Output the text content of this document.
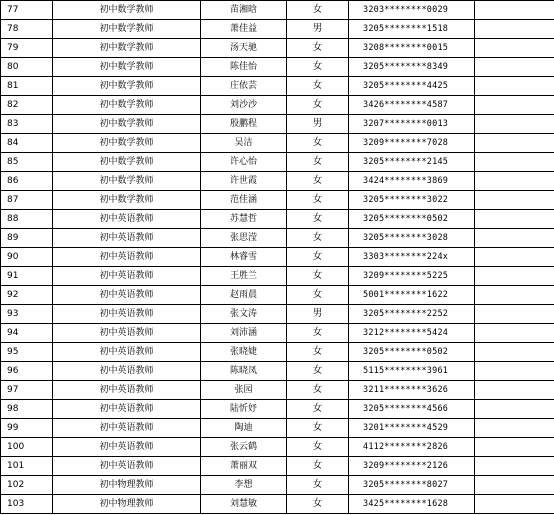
77	初中数学教师	苗湘晗	女	3203********0029	
78	初中数学教师	萧佳益	男	3205********1518	
79	初中数学教师	汤天驰	女	3208********0015	
80	初中数学教师	陈佳怡	女	3205********8349	
81	初中数学教师	庄依芸	女	3205********4425	
82	初中数学教师	刘沙沙	女	3426********4587	
83	初中数学教师	殷鹏程	男	3207********0013	
84	初中数学教师	吴洁	女	3209********7028	
85	初中数学教师	许心怡	女	3205********2145	
86	初中数学教师	许世霞	女	3424********3869	
87	初中数学教师	范佳涵	女	3205********3022	
88	初中英语教师	苏慧哲	女	3205********0502	
89	初中英语教师	张思滢	女	3205********3028	
90	初中英语教师	林睿雪	女	3303********224x	
91	初中英语教师	王胜兰	女	3209********5225	
92	初中英语教师	赵雨晨	女	5001********1622	
93	初中英语教师	张文涛	男	3205********2252	
94	初中英语教师	刘沛涵	女	3212********5424	
95	初中英语教师	张晓婕	女	3205********0502	
96	初中英语教师	陈晓凤	女	5115********3961	
97	初中英语教师	张园	女	3211********3626	
98	初中英语教师	陆忻妤	女	3205********4566	
99	初中英语教师	陶迪	女	3201********4529	
100	初中英语教师	张云鹤	女	4112********2826	
101	初中英语教师	萧丽双	女	3209********2126	
102	初中物理教师	李想	女	3205********8027	
103	初中物理教师	刘慧敏	女	3425********1628	
